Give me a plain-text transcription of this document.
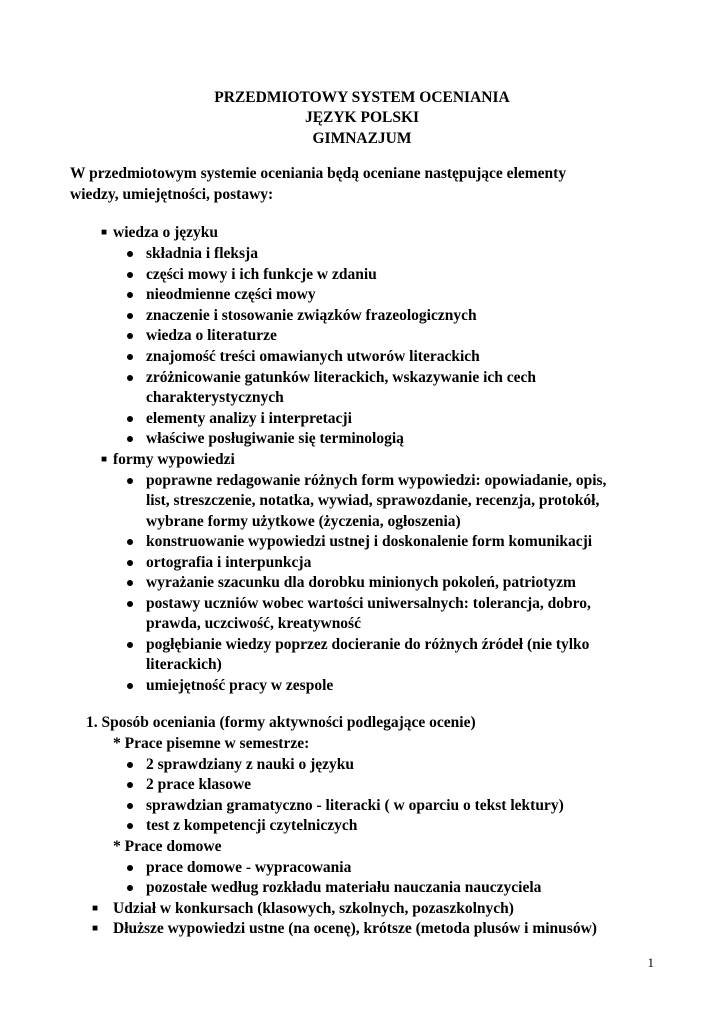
PRZEDMIOTOWY SYSTEM OCENIANIA
JĘZYK POLSKI
GIMNAZJUM
W przedmiotowym systemie oceniania będą oceniane następujące elementy
wiedzy, umiejętności, postawy:
■ wiedza o języku
składnia i fleksja
części mowy i ich funkcje w zdaniu
nieodmienne części mowy
znaczenie i stosowanie związków frazeologicznych
wiedza o literaturze
znajomość treści omawianych utworów literackich
zróżnicowanie gatunków literackich, wskazywanie ich cech
charakterystycznych
elementy analizy i interpretacji
właściwe posługiwanie się terminologią
■ formy wypowiedzi
poprawne redagowanie różnych form wypowiedzi: opowiadanie, opis,
list, streszczenie, notatka, wywiad, sprawozdanie, recenzja, protokół,
wybrane formy użytkowe (życzenia, ogłoszenia)
konstruowanie wypowiedzi ustnej i doskonalenie form komunikacji
ortografia i interpunkcja
wyrażanie szacunku dla dorobku minionych pokoleń, patriotyzm
postawy uczniów wobec wartości uniwersalnych: tolerancja, dobro,
prawda, uczciwość, kreatywność
pogłębianie wiedzy poprzez docieranie do różnych źródeł (nie tylko
literackich)
umiejętność pracy w zespole
1. Sposób oceniania (formy aktywności podlegające ocenie)
* Prace pisemne w semestrze:
2 sprawdziany z nauki o języku
2 prace klasowe
sprawdzian gramatyczno - literacki ( w oparciu o tekst lektury)
test z kompetencji czytelniczych
* Prace domowe
prace domowe - wypracowania
pozostałe według rozkładu materiału nauczania nauczyciela
■ Udział w konkursach (klasowych, szkolnych, pozaszkolnych)
■ Dłuższe wypowiedzi ustne (na ocenę), krótsze (metoda plusów i minusów)
1
